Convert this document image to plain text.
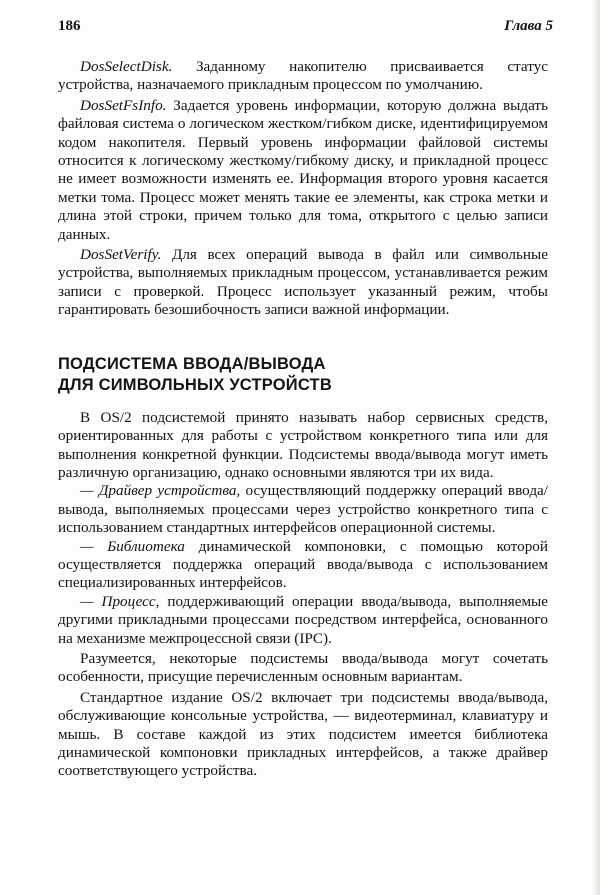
186	Глава 5

DosSelectDisk. Заданному накопителю присваивается статус устройства, назначаемого прикладным процессом по умолчанию.

DosSetFsInfo. Задается уровень информации, которую должна выдать файловая система о логическом жестком/гибком диске, идентифицируемом кодом накопителя. Первый уровень информации файловой системы относится к логическому жесткому/гибкому диску, и прикладной процесс не имеет возможности изменять ее. Информация второго уровня касается метки тома. Процесс может менять такие ее элементы, как строка метки и длина этой строки, причем только для тома, открытого с целью записи данных.

DosSetVerify. Для всех операций вывода в файл или символьные устройства, выполняемых прикладным процессом, устанавливается режим записи с проверкой. Процесс использует указанный режим, чтобы гарантировать безошибочность записи важной информации.

ПОДСИСТЕМА ВВОДА/ВЫВОДА
ДЛЯ СИМВОЛЬНЫХ УСТРОЙСТВ

В OS/2 подсистемой принято называть набор сервисных средств, ориентированных для работы с устройством конкретного типа или для выполнения конкретной функции. Подсистемы ввода/вывода могут иметь различную организацию, однако основными являются три их вида.

— Драйвер устройства, осуществляющий поддержку операций ввода/вывода, выполняемых процессами через устройство конкретного типа с использованием стандартных интерфейсов операционной системы.

— Библиотека динамической компоновки, с помощью которой осуществляется поддержка операций ввода/вывода с использованием специализированных интерфейсов.

— Процесс, поддерживающий операции ввода/вывода, выполняемые другими прикладными процессами посредством интерфейса, основанного на механизме межпроцессной связи (IPC).

Разумеется, некоторые подсистемы ввода/вывода могут сочетать особенности, присущие перечисленным основным вариантам.

Стандартное издание OS/2 включает три подсистемы ввода/вывода, обслуживающие консольные устройства, — видеотерминал, клавиатуру и мышь. В составе каждой из этих подсистем имеется библиотека динамической компоновки прикладных интерфейсов, а также драйвер соответствующего устройства.
